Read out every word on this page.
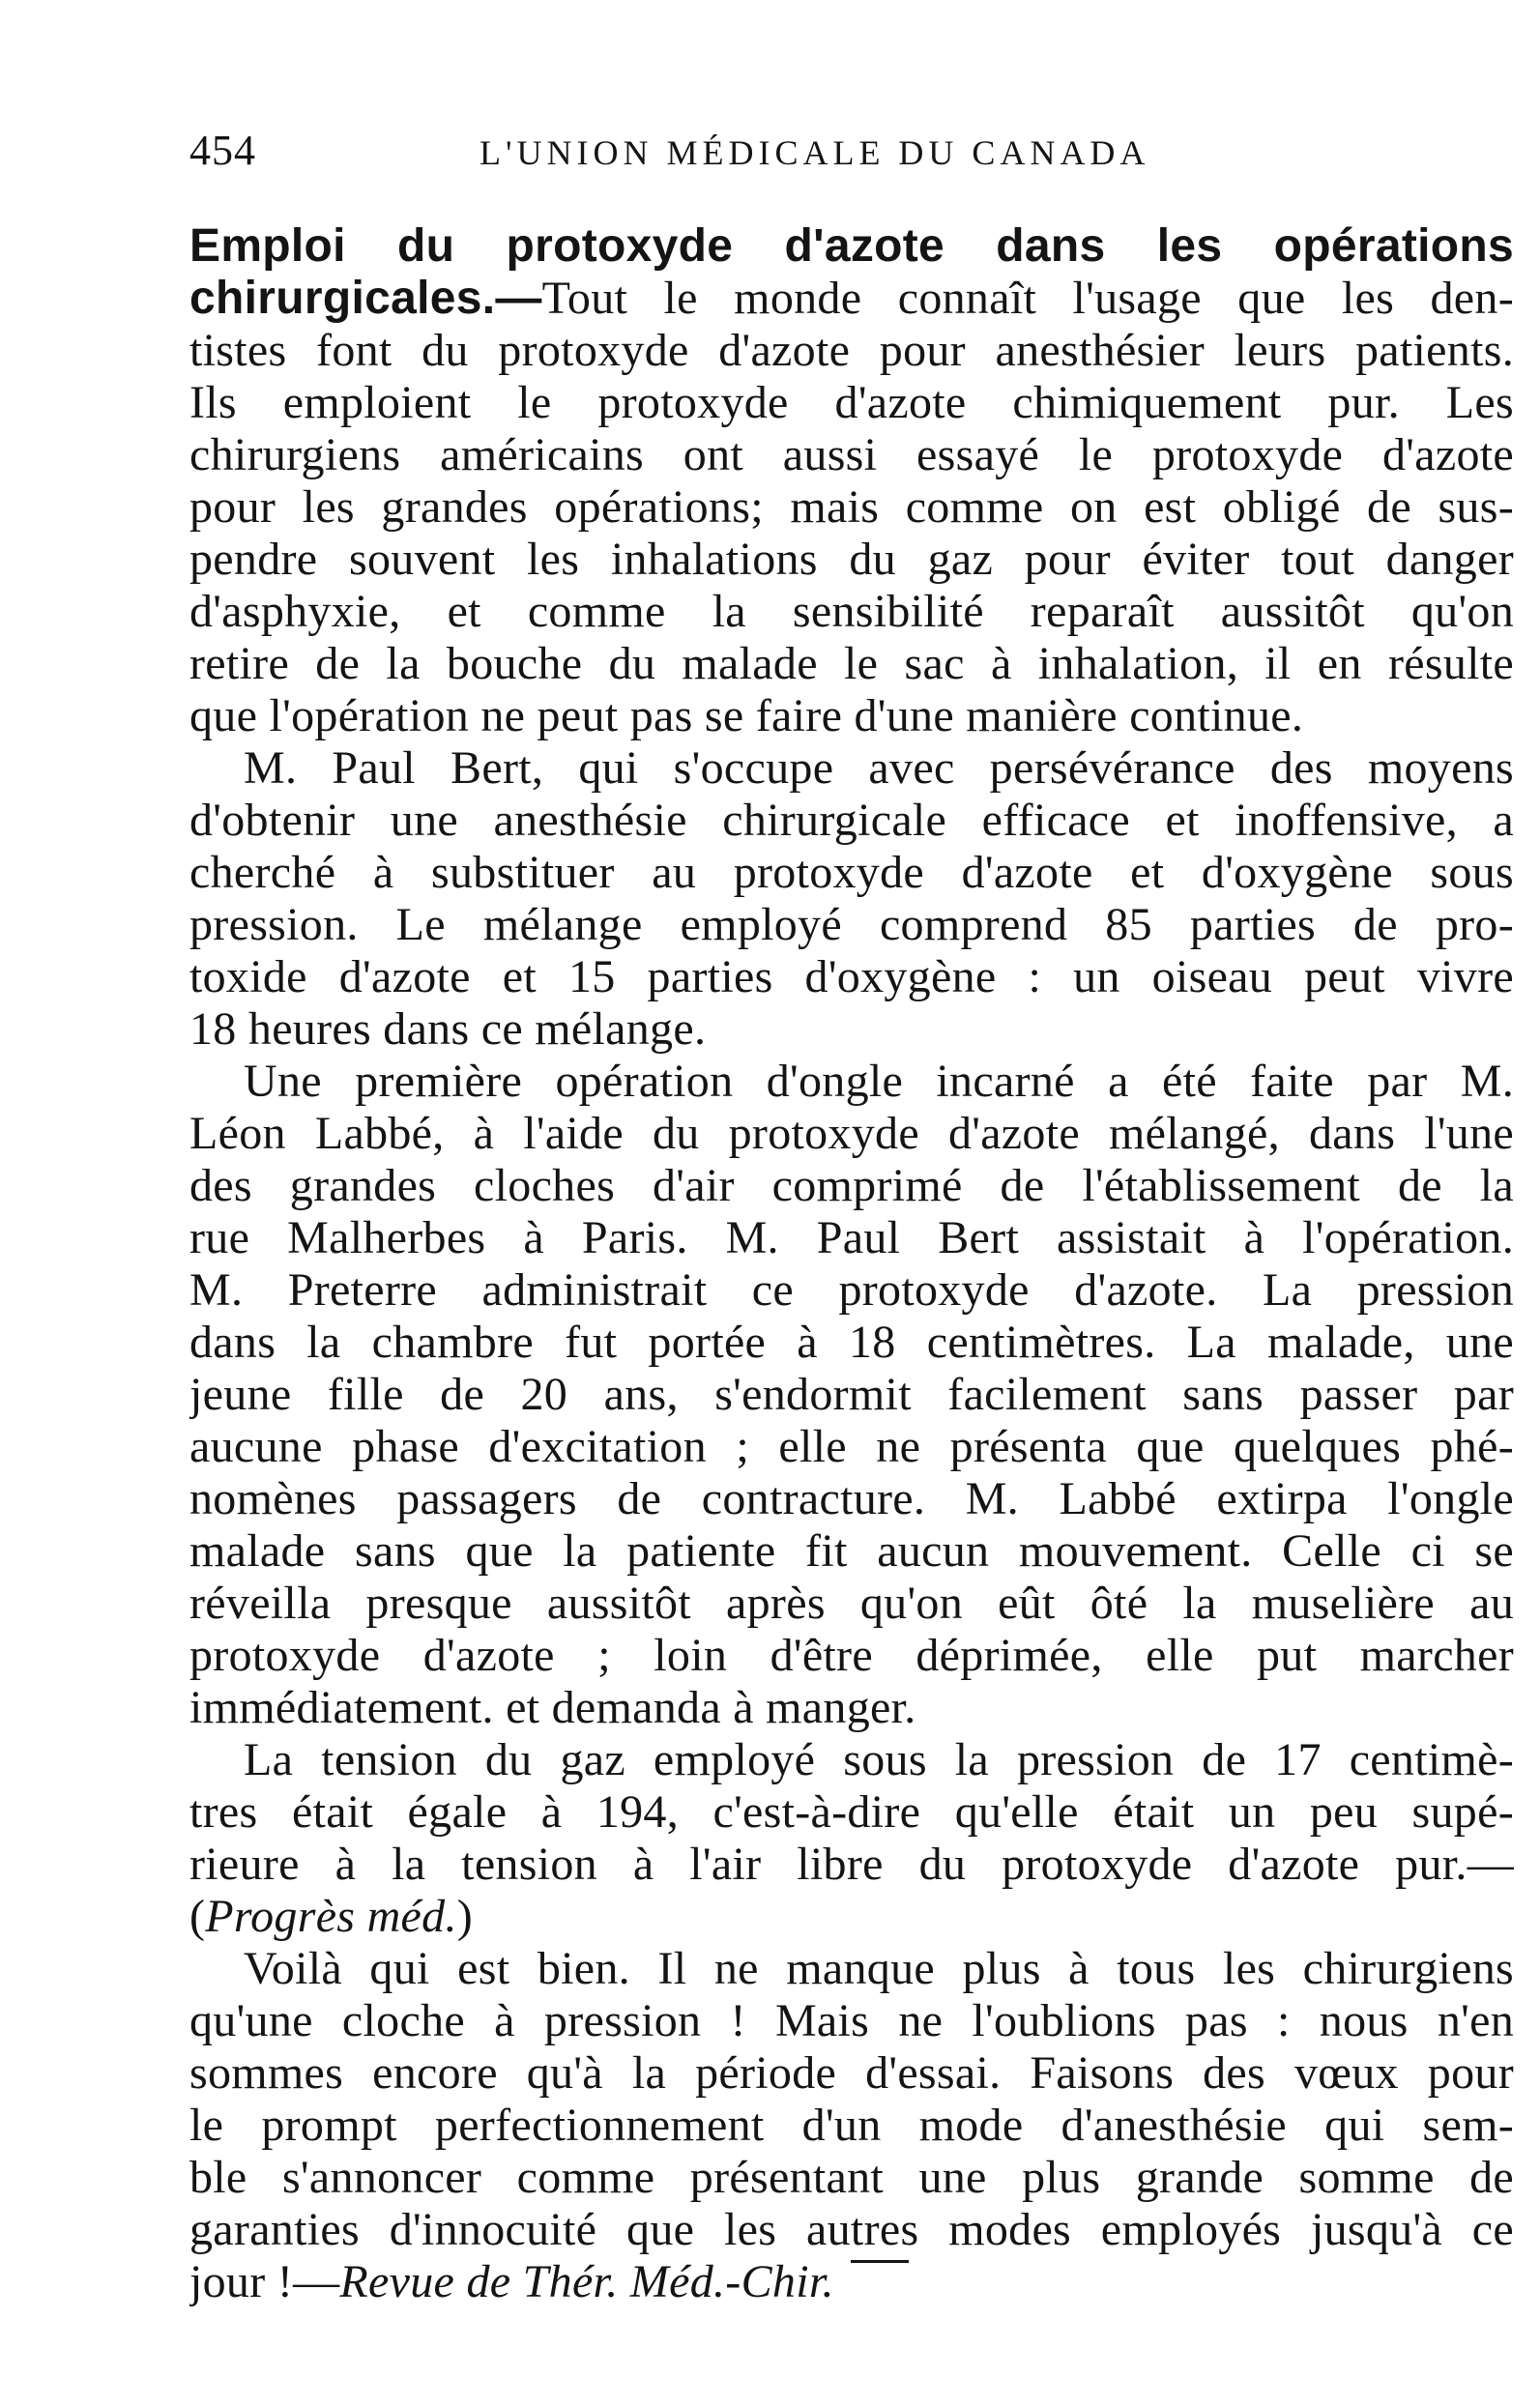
454	L'UNION MÉDICALE DU CANADA
Emploi du protoxyde d'azote dans les opérations
chirurgicales.—Tout le monde connaît l'usage que les den-
tistes font du protoxyde d'azote pour anesthésier leurs patients.
Ils emploient le protoxyde d'azote chimiquement pur. Les
chirurgiens américains ont aussi essayé le protoxyde d'azote
pour les grandes opérations; mais comme on est obligé de sus-
pendre souvent les inhalations du gaz pour éviter tout danger
d'asphyxie, et comme la sensibilité reparaît aussitôt qu'on
retire de la bouche du malade le sac à inhalation, il en résulte
que l'opération ne peut pas se faire d'une manière continue.
M. Paul Bert, qui s'occupe avec persévérance des moyens
d'obtenir une anesthésie chirurgicale efficace et inoffensive, a
cherché à substituer au protoxyde d'azote et d'oxygène sous
pression. Le mélange employé comprend 85 parties de pro-
toxide d'azote et 15 parties d'oxygène : un oiseau peut vivre
18 heures dans ce mélange.
Une première opération d'ongle incarné a été faite par M.
Léon Labbé, à l'aide du protoxyde d'azote mélangé, dans l'une
des grandes cloches d'air comprimé de l'établissement de la
rue Malherbes à Paris. M. Paul Bert assistait à l'opération.
M. Preterre administrait ce protoxyde d'azote. La pression
dans la chambre fut portée à 18 centimètres. La malade, une
jeune fille de 20 ans, s'endormit facilement sans passer par
aucune phase d'excitation ; elle ne présenta que quelques phé-
nomènes passagers de contracture. M. Labbé extirpa l'ongle
malade sans que la patiente fit aucun mouvement. Celle ci se
réveilla presque aussitôt après qu'on eût ôté la muselière au
protoxyde d'azote ; loin d'être déprimée, elle put marcher
immédiatement. et demanda à manger.
La tension du gaz employé sous la pression de 17 centimè-
tres était égale à 194, c'est-à-dire qu'elle était un peu supé-
rieure à la tension à l'air libre du protoxyde d'azote pur.—
(Progrès méd.)
Voilà qui est bien. Il ne manque plus à tous les chirurgiens
qu'une cloche à pression ! Mais ne l'oublions pas : nous n'en
sommes encore qu'à la période d'essai. Faisons des vœux pour
le prompt perfectionnement d'un mode d'anesthésie qui sem-
ble s'annoncer comme présentant une plus grande somme de
garanties d'innocuité que les autres modes employés jusqu'à ce
jour !—Revue de Thér. Méd.-Chir.
